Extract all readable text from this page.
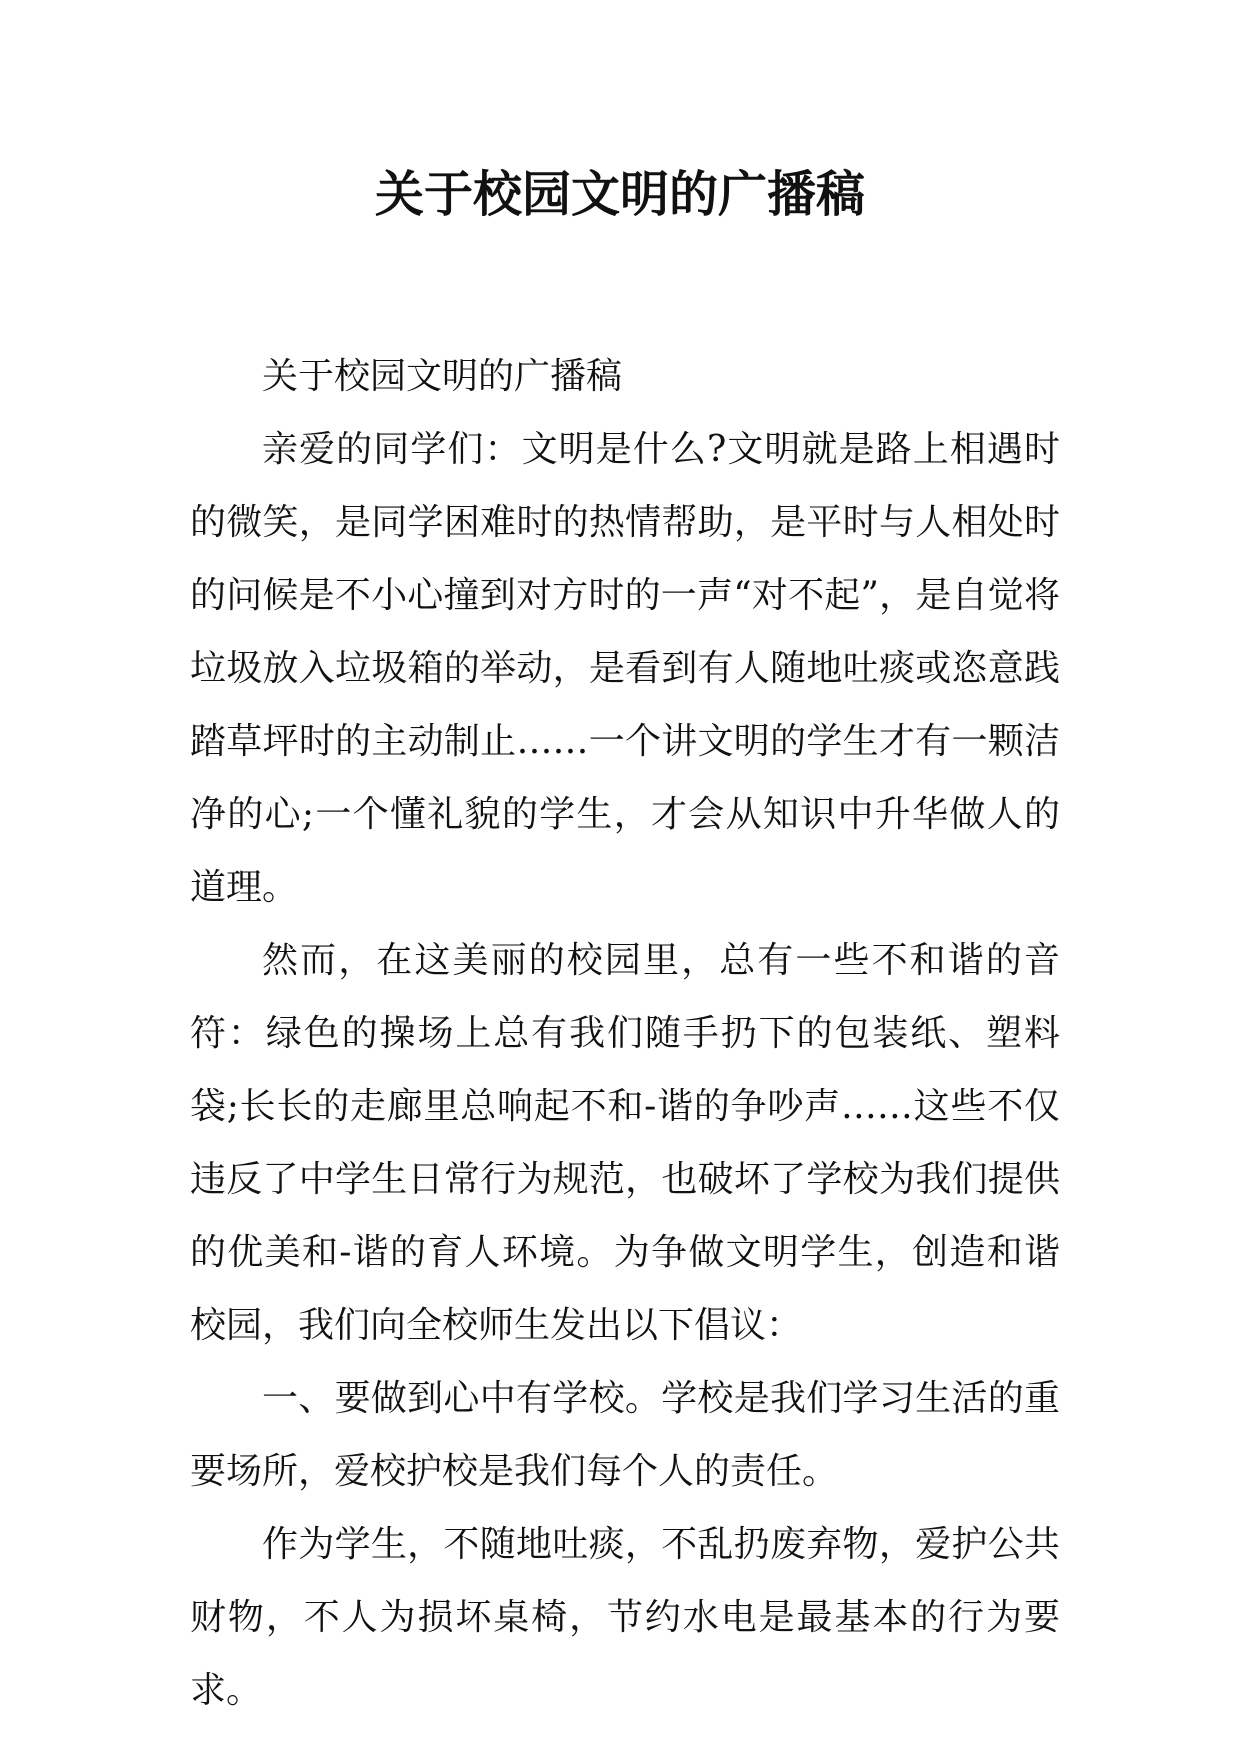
关于校园文明的广播稿

关于校园文明的广播稿

亲爱的同学们：文明是什么?文明就是路上相遇时的微笑，是同学困难时的热情帮助，是平时与人相处时的问候是不小心撞到对方时的一声“对不起”，是自觉将垃圾放入垃圾箱的举动，是看到有人随地吐痰或恣意践踏草坪时的主动制止……一个讲文明的学生才有一颗洁净的心;一个懂礼貌的学生，才会从知识中升华做人的道理。

然而，在这美丽的校园里，总有一些不和谐的音符：绿色的操场上总有我们随手扔下的包装纸、塑料袋;长长的走廊里总响起不和-谐的争吵声……这些不仅违反了中学生日常行为规范，也破坏了学校为我们提供的优美和-谐的育人环境。为争做文明学生，创造和谐校园，我们向全校师生发出以下倡议：

一、要做到心中有学校。学校是我们学习生活的重要场所，爱校护校是我们每个人的责任。

作为学生，不随地吐痰，不乱扔废弃物，爱护公共财物，不人为损坏桌椅，节约水电是最基本的行为要求。
